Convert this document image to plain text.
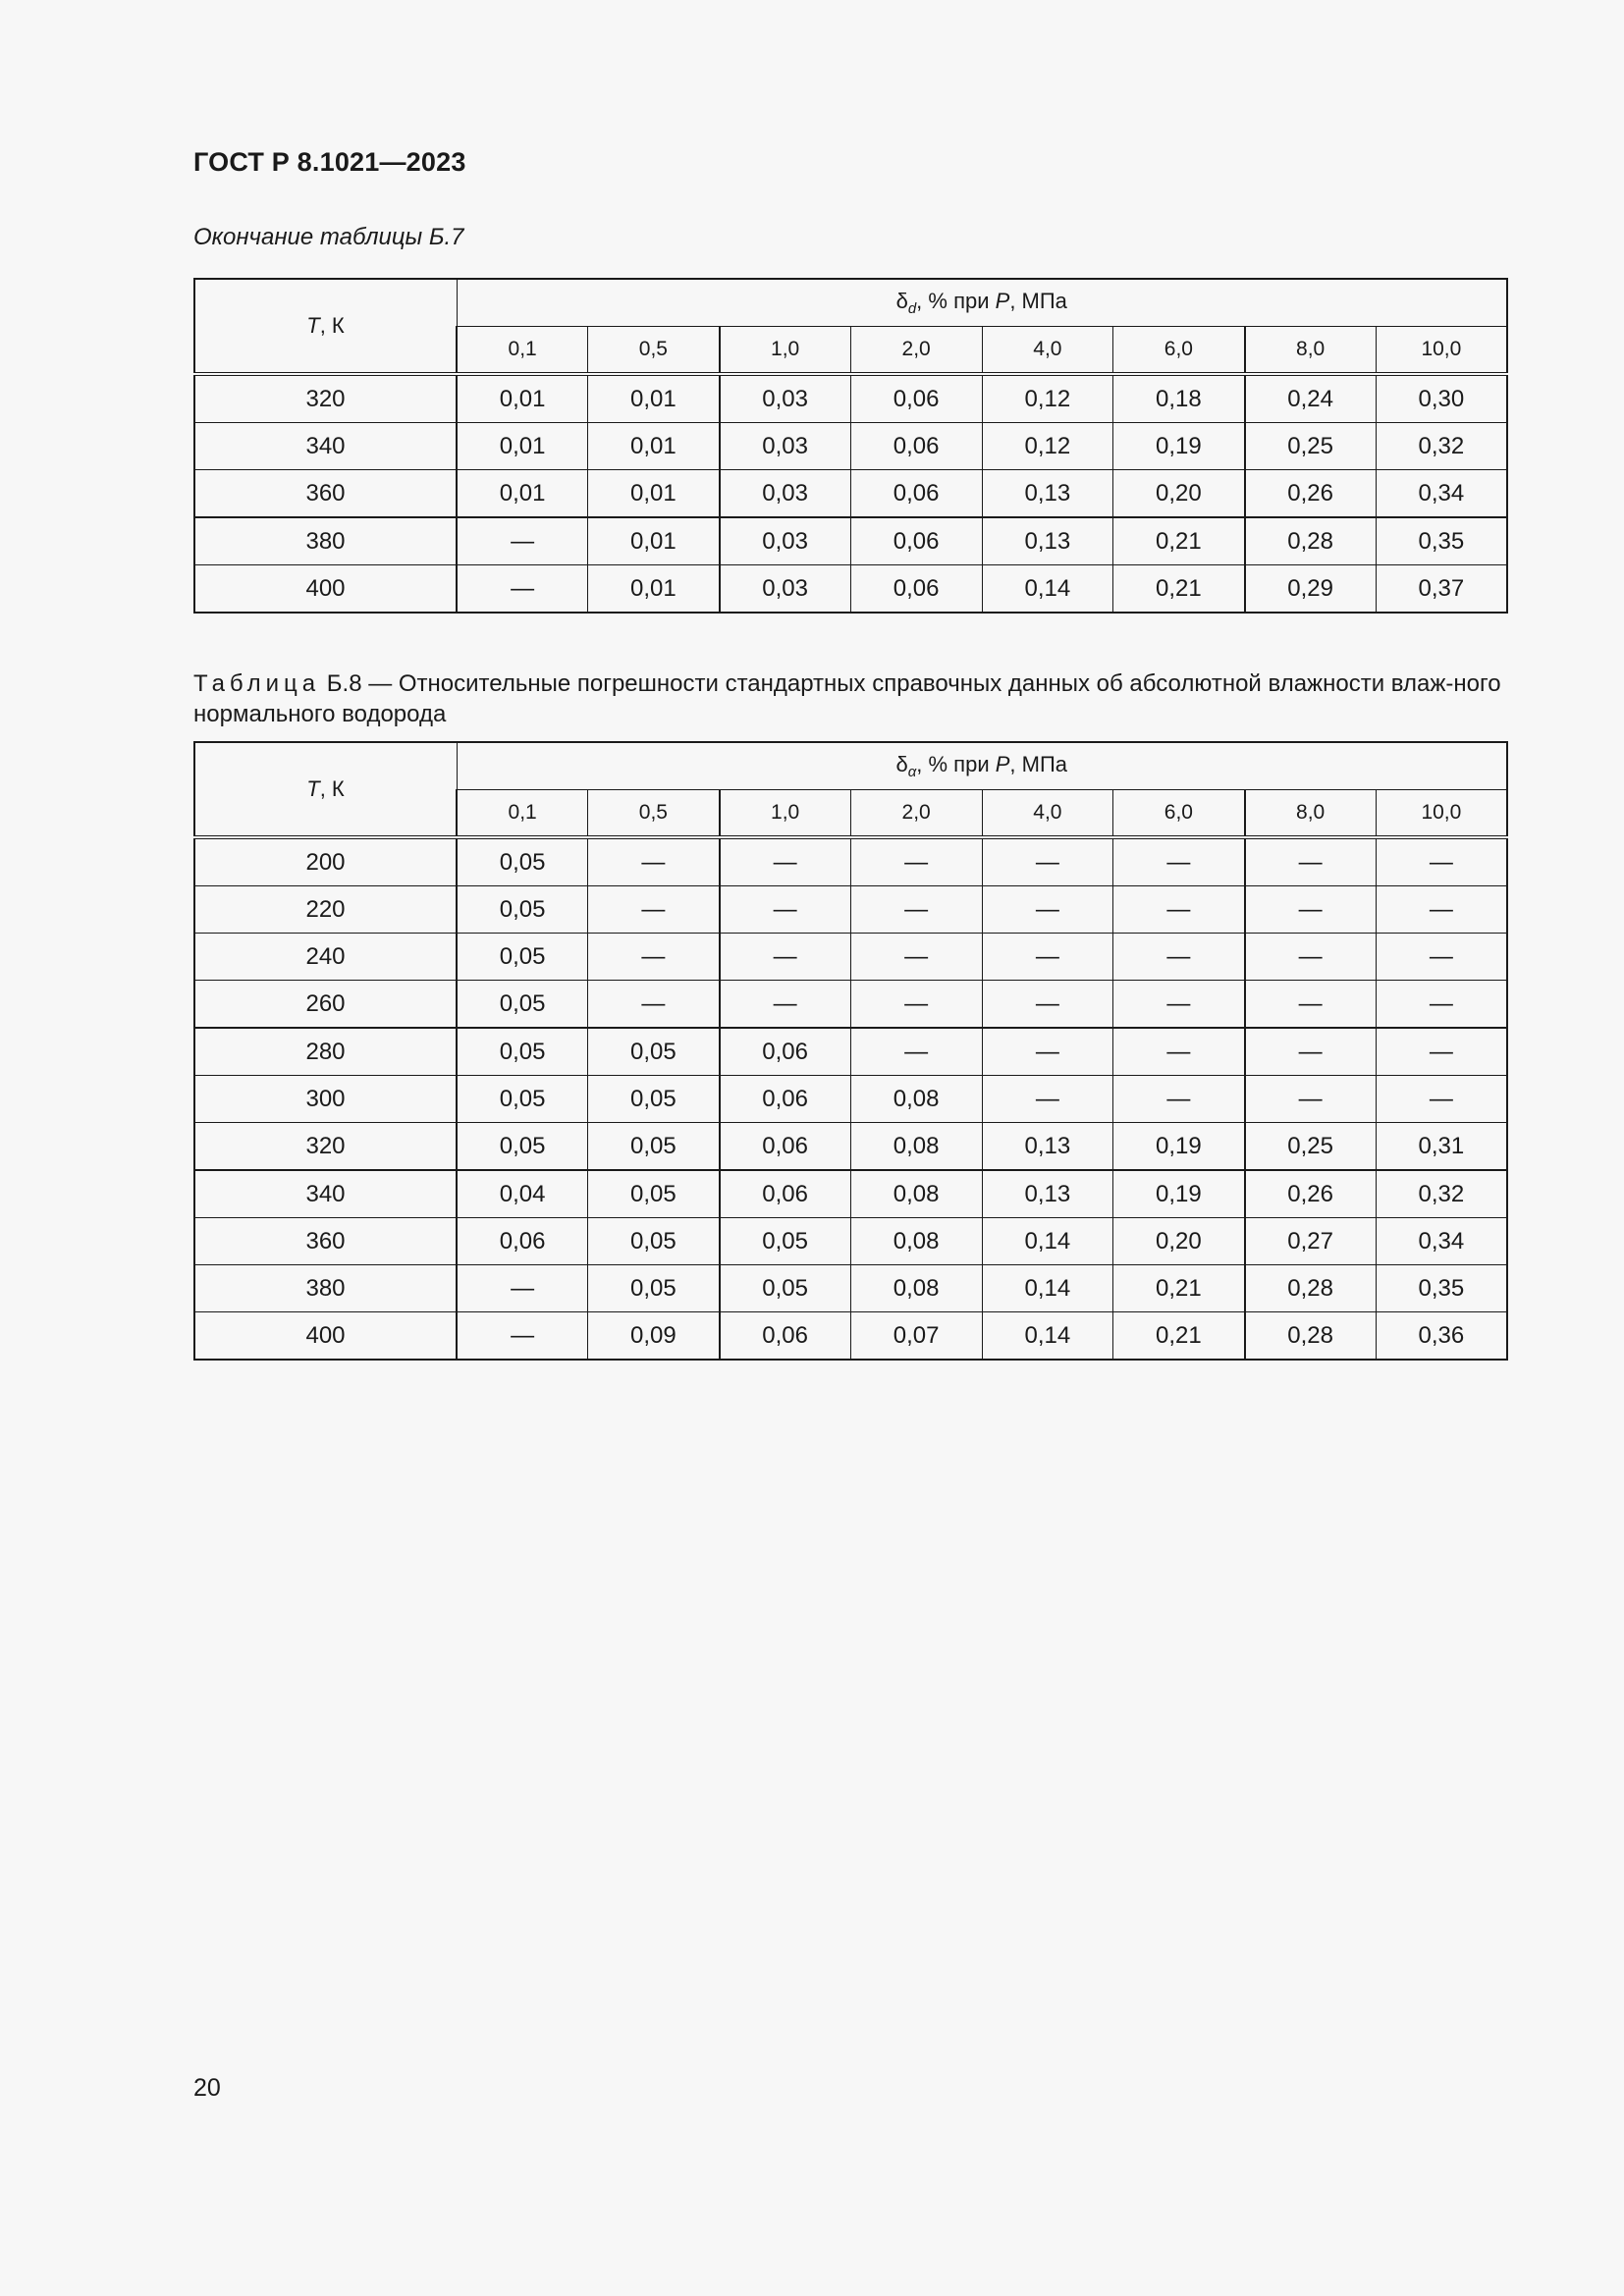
ГОСТ Р 8.1021—2023
Окончание таблицы Б.7
T, К	$\delta_d$, % при P, МПа							
	0,1	0,5	1,0	2,0	4,0	6,0	8,0	10,0
320	0,01	0,01	0,03	0,06	0,12	0,18	0,24	0,30
340	0,01	0,01	0,03	0,06	0,12	0,19	0,25	0,32
360	0,01	0,01	0,03	0,06	0,13	0,20	0,26	0,34
380	—	0,01	0,03	0,06	0,13	0,21	0,28	0,35
400	—	0,01	0,03	0,06	0,14	0,21	0,29	0,37
Таблица Б.8 — Относительные погрешности стандартных справочных данных об абсолютной влажности влаж-ного нормального водорода
T, К	$\delta_\alpha$, % при P, МПа							
	0,1	0,5	1,0	2,0	4,0	6,0	8,0	10,0
200	0,05	—	—	—	—	—	—	—
220	0,05	—	—	—	—	—	—	—
240	0,05	—	—	—	—	—	—	—
260	0,05	—	—	—	—	—	—	—
280	0,05	0,05	0,06	—	—	—	—	—
300	0,05	0,05	0,06	0,08	—	—	—	—
320	0,05	0,05	0,06	0,08	0,13	0,19	0,25	0,31
340	0,04	0,05	0,06	0,08	0,13	0,19	0,26	0,32
360	0,06	0,05	0,05	0,08	0,14	0,20	0,27	0,34
380	—	0,05	0,05	0,08	0,14	0,21	0,28	0,35
400	—	0,09	0,06	0,07	0,14	0,21	0,28	0,36
20
